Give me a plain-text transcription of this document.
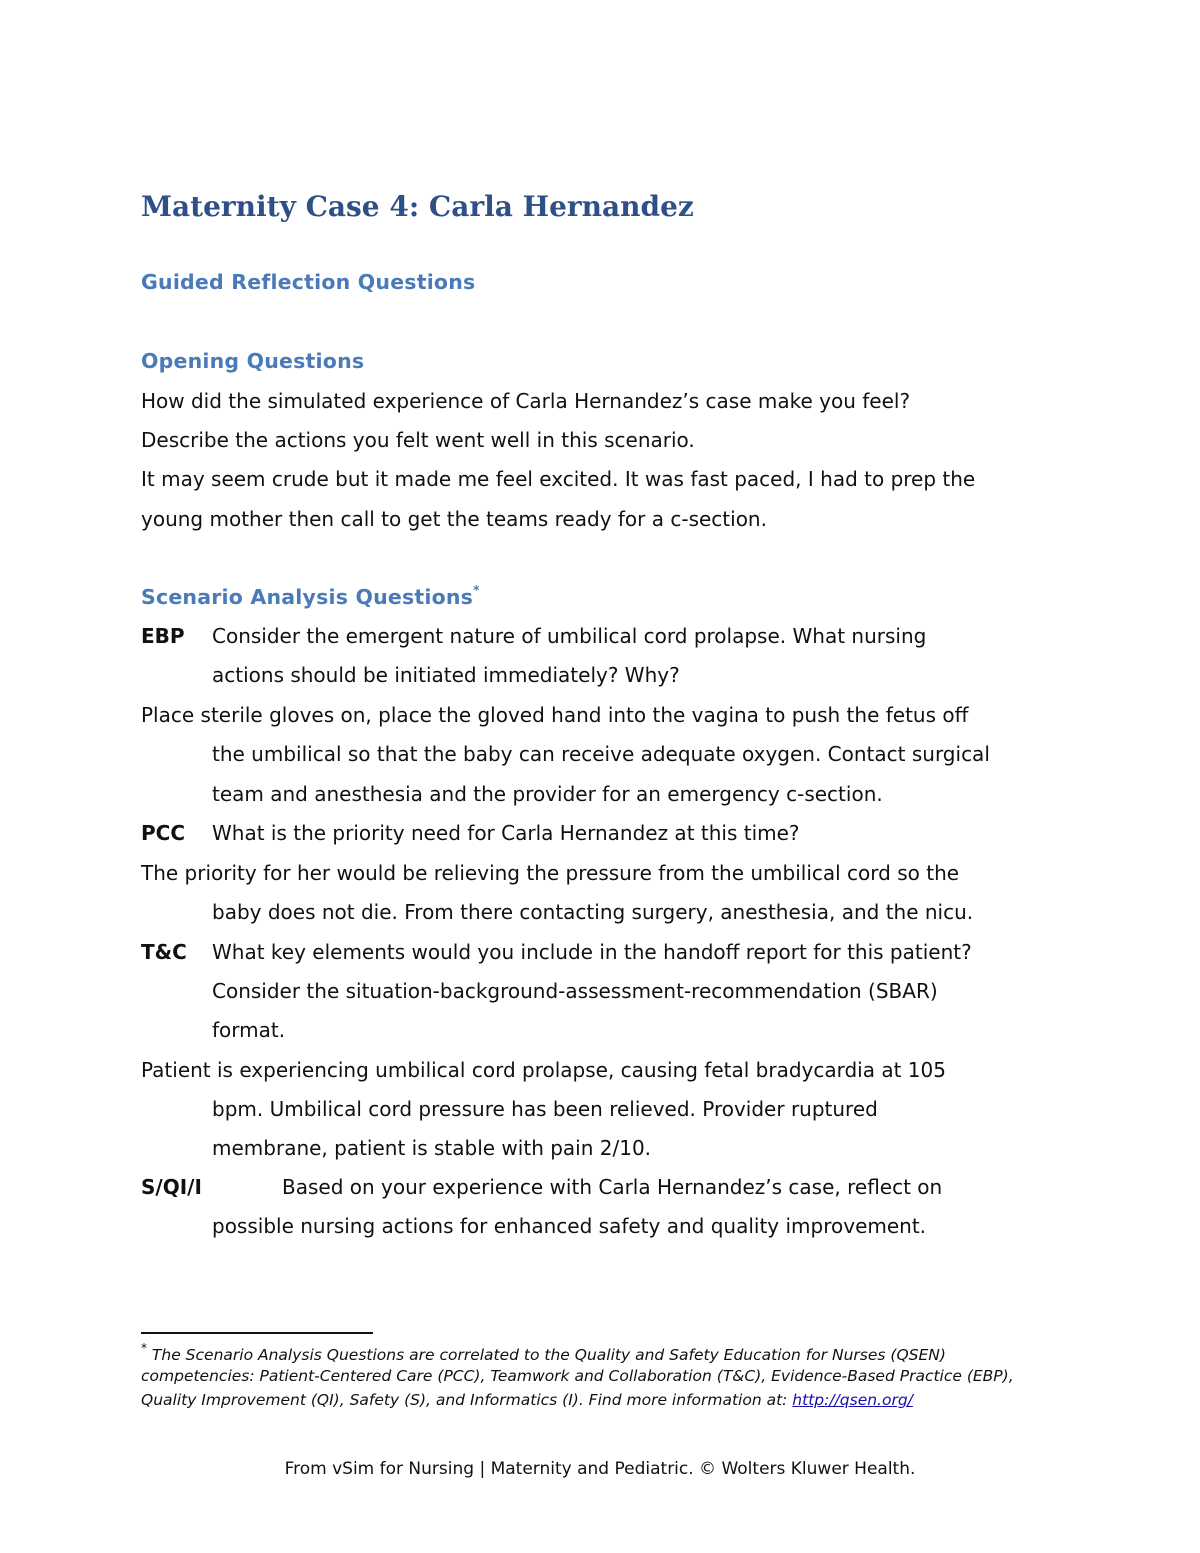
Maternity Case 4: Carla Hernandez
Guided Reflection Questions
Opening Questions
How did the simulated experience of Carla Hernandez’s case make you feel?
Describe the actions you felt went well in this scenario.
It may seem crude but it made me feel excited. It was fast paced, I had to prep the
young mother then call to get the teams ready for a c-section.
Scenario Analysis Questions*
EBP Consider the emergent nature of umbilical cord prolapse. What nursing
actions should be initiated immediately? Why?
Place sterile gloves on, place the gloved hand into the vagina to push the fetus off
the umbilical so that the baby can receive adequate oxygen. Contact surgical
team and anesthesia and the provider for an emergency c-section.
PCC What is the priority need for Carla Hernandez at this time?
The priority for her would be relieving the pressure from the umbilical cord so the
baby does not die. From there contacting surgery, anesthesia, and the nicu.
T&C What key elements would you include in the handoff report for this patient?
Consider the situation-background-assessment-recommendation (SBAR)
format.
Patient is experiencing umbilical cord prolapse, causing fetal bradycardia at 105
bpm. Umbilical cord pressure has been relieved. Provider ruptured
membrane, patient is stable with pain 2/10.
S/QI/I	Based on your experience with Carla Hernandez’s case, reflect on
possible nursing actions for enhanced safety and quality improvement.
* The Scenario Analysis Questions are correlated to the Quality and Safety Education for Nurses (QSEN)
competencies: Patient-Centered Care (PCC), Teamwork and Collaboration (T&C), Evidence-Based Practice (EBP),
Quality Improvement (QI), Safety (S), and Informatics (I). Find more information at: http://qsen.org/
From vSim for Nursing | Maternity and Pediatric. © Wolters Kluwer Health.
